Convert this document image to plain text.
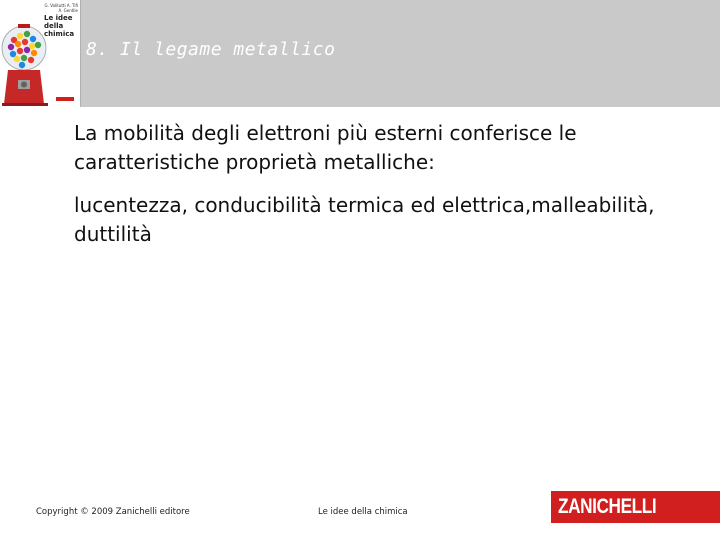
G. Valitutti A. Tifi A. Gentile
Le idee della chimica
8. Il legame metallico
La mobilità degli elettroni più esterni conferisce le caratteristiche proprietà metalliche:
lucentezza, conducibilità termica ed elettrica,malleabilità, duttilità
Copyright © 2009 Zanichelli editore	Le idee della chimica	ZANICHELLI
